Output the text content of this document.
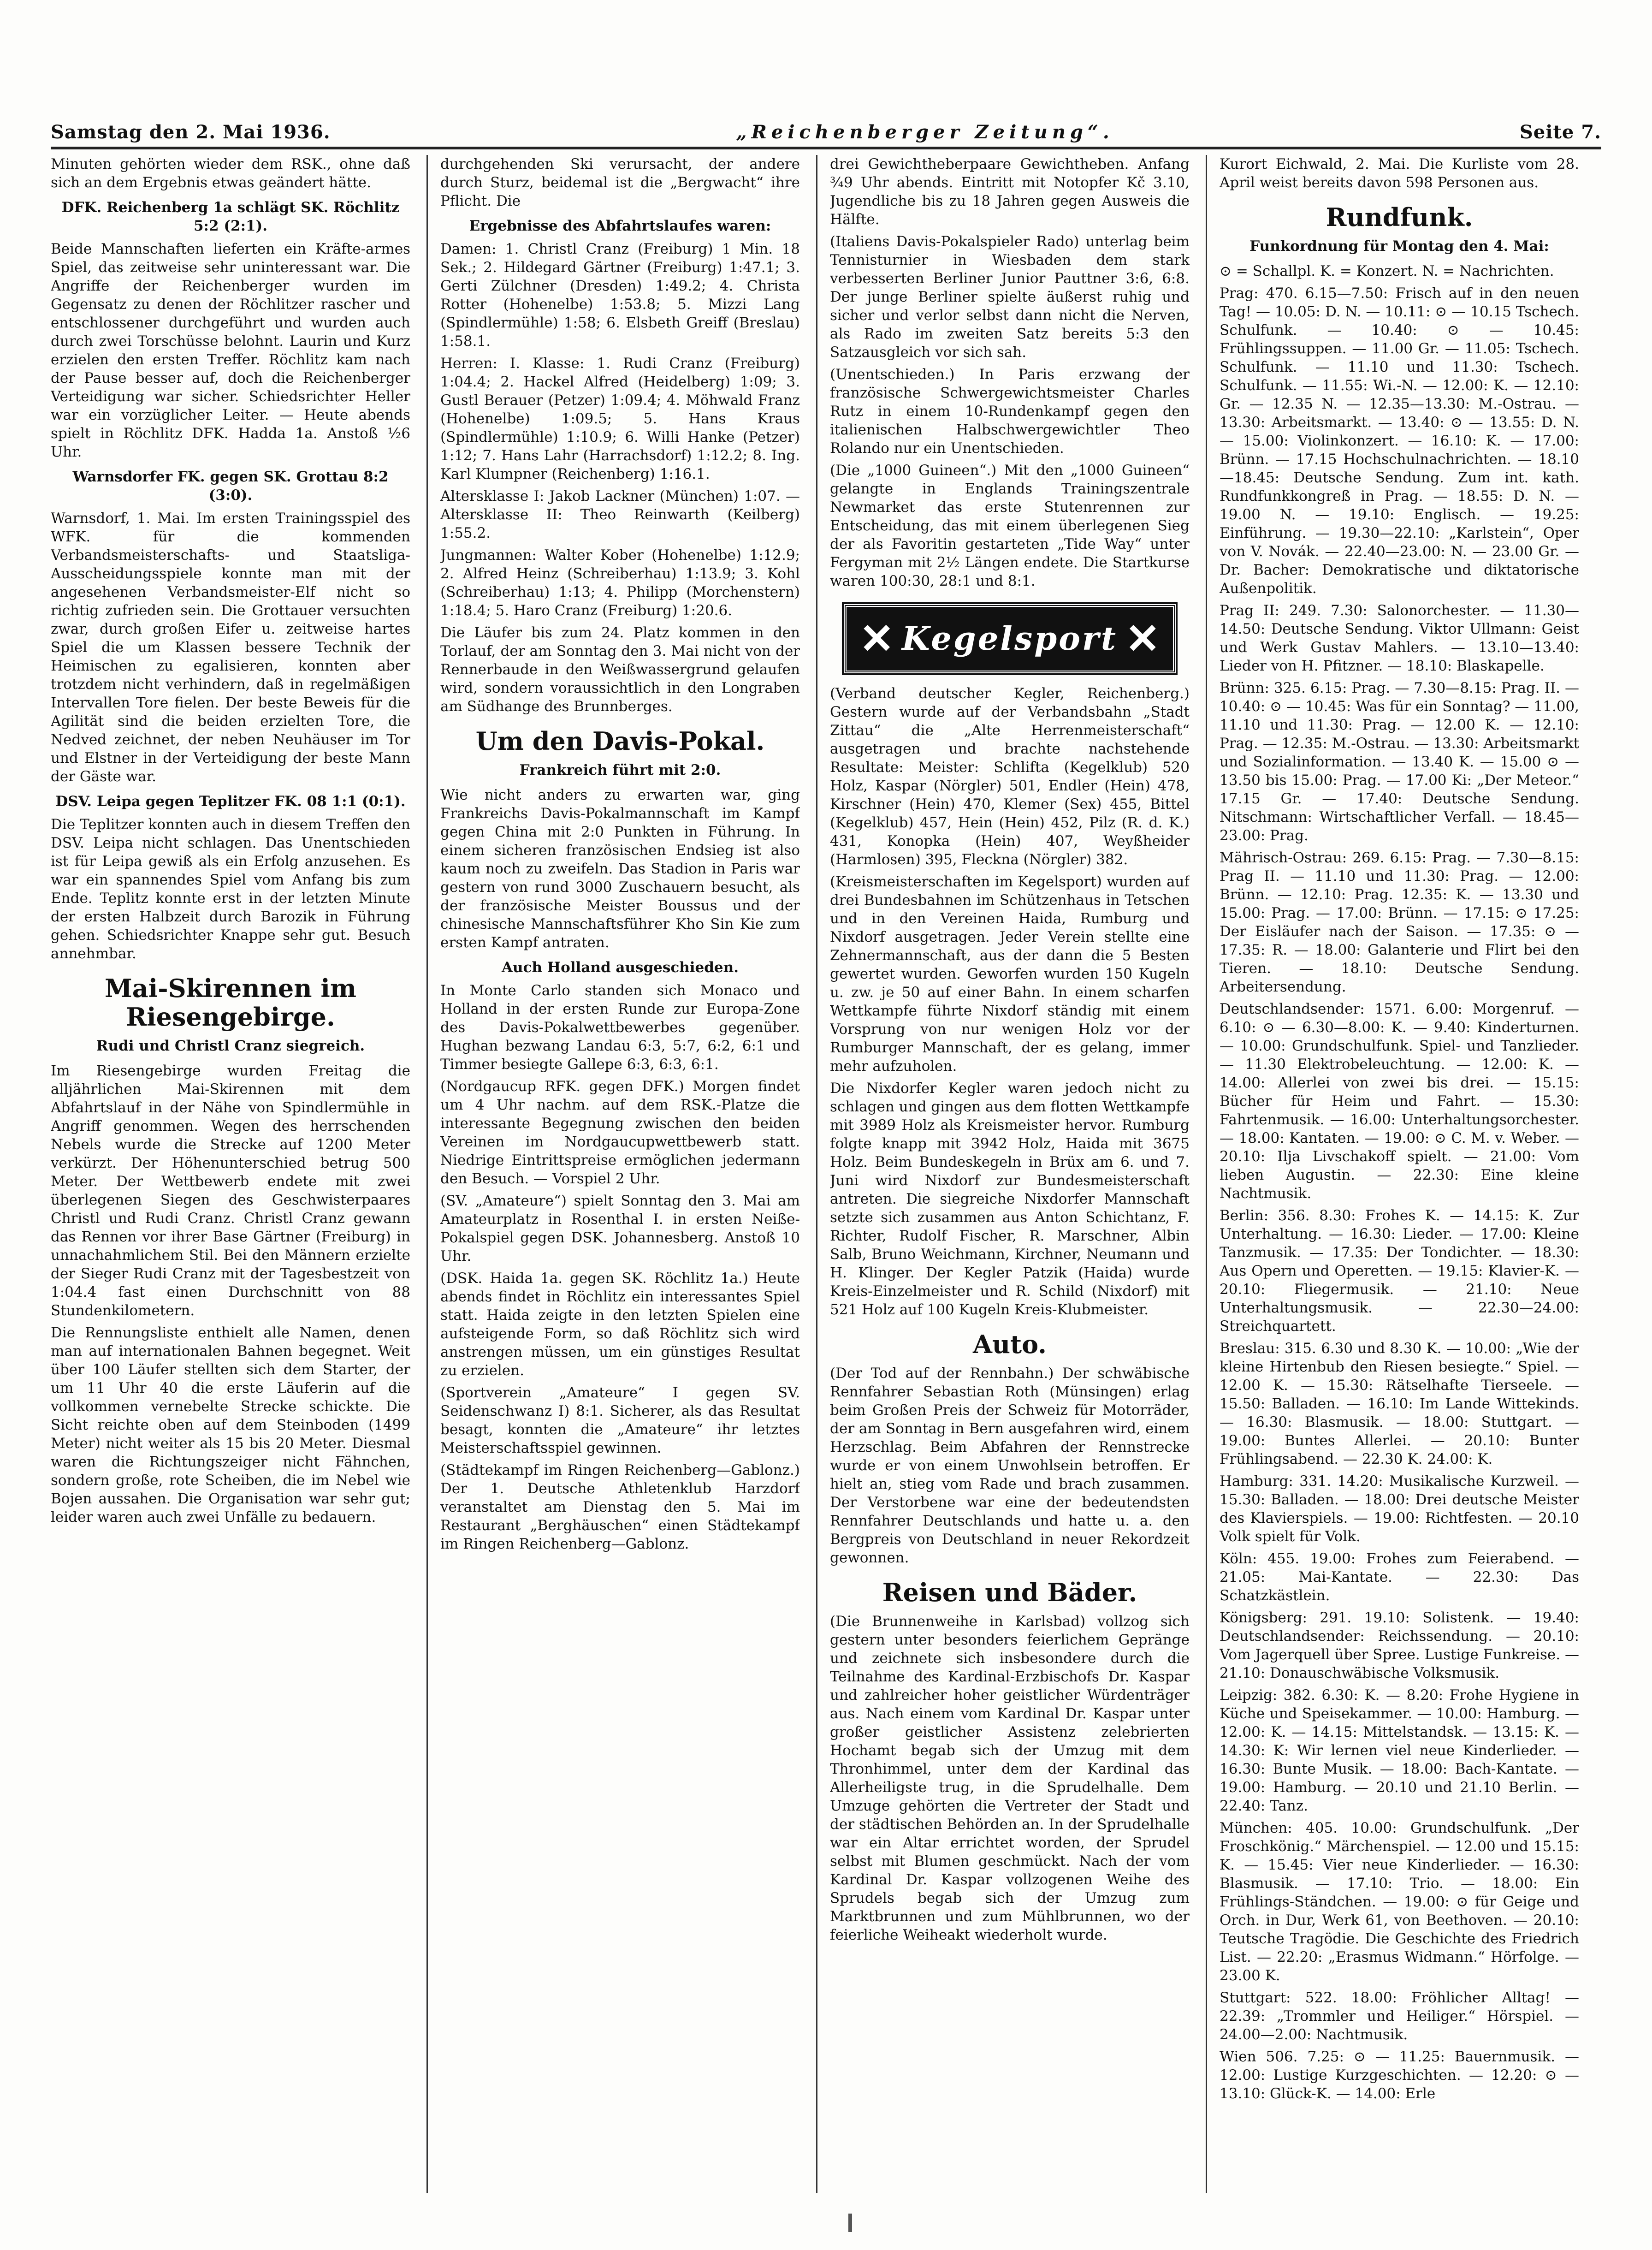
Samstag den 2. Mai 1936.	„Reichenberger Zeitung“.	Seite 7.

Minuten gehörten wieder dem RSK., ohne daß sich an dem Ergebnis etwas geändert hätte.

DFK. Reichenberg 1a schlägt SK. Röchlitz 5:2 (2:1).

Beide Mannschaften lieferten ein Kräfte-armes Spiel, das zeitweise sehr uninteressant war. Die Angriffe der Reichenberger wurden im Gegensatz zu denen der Röchlitzer rascher und entschlossener durchgeführt und wurden auch durch zwei Torschüsse belohnt. Laurin und Kurz erzielen den ersten Treffer. Röchlitz kam nach der Pause besser auf, doch die Reichenberger Verteidigung war sicher. Schiedsrichter Heller war ein vorzüglicher Leiter. — Heute abends spielt in Röchlitz DFK. Hadda 1a. Anstoß ½6 Uhr.

Warnsdorfer FK. gegen SK. Grottau 8:2 (3:0).

Warnsdorf, 1. Mai. Im ersten Trainingsspiel des WFK. für die kommenden Verbandsmeisterschafts- und Staatsliga-Ausscheidungsspiele konnte man mit der angesehenen Verbandsmeister-Elf nicht so richtig zufrieden sein. Die Grottauer versuchten zwar, durch großen Eifer u. zeitweise hartes Spiel die um Klassen bessere Technik der Heimischen zu egalisieren, konnten aber trotzdem nicht verhindern, daß in regelmäßigen Intervallen Tore fielen. Der beste Beweis für die Agilität sind die beiden erzielten Tore, die Nedved zeichnet, der neben Neuhäuser im Tor und Elstner in der Verteidigung der beste Mann der Gäste war.

DSV. Leipa gegen Teplitzer FK. 08 1:1 (0:1).

Die Teplitzer konnten auch in diesem Treffen den DSV. Leipa nicht schlagen. Das Unentschieden ist für Leipa gewiß als ein Erfolg anzusehen. Es war ein spannendes Spiel vom Anfang bis zum Ende. Teplitz konnte erst in der letzten Minute der ersten Halbzeit durch Barozik in Führung gehen. Schiedsrichter Knappe sehr gut. Besuch annehmbar.

Mai-Skirennen im Riesengebirge.
Rudi und Christl Cranz siegreich.

Im Riesengebirge wurden Freitag die alljährlichen Mai-Skirennen mit dem Abfahrtslauf in der Nähe von Spindlermühle in Angriff genommen. Wegen des herrschenden Nebels wurde die Strecke auf 1200 Meter verkürzt. Der Höhenunterschied betrug 500 Meter. Der Wettbewerb endete mit zwei überlegenen Siegen des Geschwisterpaares Christl und Rudi Cranz. Christl Cranz gewann das Rennen vor ihrer Base Gärtner (Freiburg) in unnachahmlichem Stil. Bei den Männern erzielte der Sieger Rudi Cranz mit der Tagesbestzeit von 1:04.4 fast einen Durchschnitt von 88 Stundenkilometern.

Die Rennungsliste enthielt alle Namen, denen man auf internationalen Bahnen begegnet. Weit über 100 Läufer stellten sich dem Starter, der um 11 Uhr 40 die erste Läuferin auf die vollkommen vernebelte Strecke schickte. Die Sicht reichte oben auf dem Steinboden (1499 Meter) nicht weiter als 15 bis 20 Meter. Diesmal waren die Richtungszeiger nicht Fähnchen, sondern große, rote Scheiben, die im Nebel wie Bojen aussahen. Die Organisation war sehr gut; leider waren auch zwei Unfälle zu bedauern.

durchgehenden Ski verursacht, der andere durch Sturz, beidemal ist die „Bergwacht“ ihre Pflicht. Die

Ergebnisse des Abfahrtslaufes waren:

Damen: 1. Christl Cranz (Freiburg) 1 Min. 18 Sek.; 2. Hildegard Gärtner (Freiburg) 1:47.1; 3. Gerti Zülchner (Dresden) 1:49.2; 4. Christa Rotter (Hohenelbe) 1:53.8; 5. Mizzi Lang (Spindlermühle) 1:58; 6. Elsbeth Greiff (Breslau) 1:58.1.

Herren: I. Klasse: 1. Rudi Cranz (Freiburg) 1:04.4; 2. Hackel Alfred (Heidelberg) 1:09; 3. Gustl Berauer (Petzer) 1:09.4; 4. Möhwald Franz (Hohenelbe) 1:09.5; 5. Hans Kraus (Spindlermühle) 1:10.9; 6. Willi Hanke (Petzer) 1:12; 7. Hans Lahr (Harrachsdorf) 1:12.2; 8. Ing. Karl Klumpner (Reichenberg) 1:16.1.

Altersklasse I: Jakob Lackner (München) 1:07. — Altersklasse II: Theo Reinwarth (Keilberg) 1:55.2.

Jungmannen: Walter Kober (Hohenelbe) 1:12.9; 2. Alfred Heinz (Schreiberhau) 1:13.9; 3. Kohl (Schreiberhau) 1:13; 4. Philipp (Morchenstern) 1:18.4; 5. Haro Cranz (Freiburg) 1:20.6.

Die Läufer bis zum 24. Platz kommen in den Torlauf, der am Sonntag den 3. Mai nicht von der Rennerbaude in den Weißwassergrund gelaufen wird, sondern voraussichtlich in den Longraben am Südhange des Brunnberges.

Um den Davis-Pokal.
Frankreich führt mit 2:0.

Wie nicht anders zu erwarten war, ging Frankreichs Davis-Pokalmannschaft im Kampf gegen China mit 2:0 Punkten in Führung. In einem sicheren französischen Endsieg ist also kaum noch zu zweifeln. Das Stadion in Paris war gestern von rund 3000 Zuschauern besucht, als der französische Meister Boussus und der chinesische Mannschaftsführer Kho Sin Kie zum ersten Kampf antraten.

Auch Holland ausgeschieden.

In Monte Carlo standen sich Monaco und Holland in der ersten Runde zur Europa-Zone des Davis-Pokalwettbewerbes gegenüber. Hughan bezwang Landau 6:3, 5:7, 6:2, 6:1 und Timmer besiegte Gallepe 6:3, 6:3, 6:1.

(Nordgaucup RFK. gegen DFK.) Morgen findet um 4 Uhr nachm. auf dem RSK.-Platze die interessante Begegnung zwischen den beiden Vereinen im Nordgaucupwettbewerb statt. Niedrige Eintrittspreise ermöglichen jedermann den Besuch. — Vorspiel 2 Uhr.

(SV. „Amateure“) spielt Sonntag den 3. Mai am Amateurplatz in Rosenthal I. in ersten Neiße-Pokalspiel gegen DSK. Johannesberg. Anstoß 10 Uhr.

(DSK. Haida 1a. gegen SK. Röchlitz 1a.) Heute abends findet in Röchlitz ein interessantes Spiel statt. Haida zeigte in den letzten Spielen eine aufsteigende Form, so daß Röchlitz sich wird anstrengen müssen, um ein günstiges Resultat zu erzielen.

(Sportverein „Amateure“ I gegen SV. Seidenschwanz I) 8:1. Sicherer, als das Resultat besagt, konnten die „Amateure“ ihr letztes Meisterschaftsspiel gewinnen.

(Städtekampf im Ringen Reichenberg—Gablonz.) Der 1. Deutsche Athletenklub Harzdorf veranstaltet am Dienstag den 5. Mai im Restaurant „Berghäuschen“ einen Städtekampf im Ringen Reichenberg—Gablonz.

drei Gewichtheberpaare Gewichtheben. Anfang ¾9 Uhr abends. Eintritt mit Notopfer Kč 3.10, Jugendliche bis zu 18 Jahren gegen Ausweis die Hälfte.

(Italiens Davis-Pokalspieler Rado) unterlag beim Tennisturnier in Wiesbaden dem stark verbesserten Berliner Junior Pauttner 3:6, 6:8. Der junge Berliner spielte äußerst ruhig und sicher und verlor selbst dann nicht die Nerven, als Rado im zweiten Satz bereits 5:3 den Satzausgleich vor sich sah.

(Unentschieden.) In Paris erzwang der französische Schwergewichtsmeister Charles Rutz in einem 10-Rundenkampf gegen den italienischen Halbschwergewichtler Theo Rolando nur ein Unentschieden.

(Die „1000 Guineen“.) Mit den „1000 Guineen“ gelangte in Englands Trainingszentrale Newmarket das erste Stutenrennen zur Entscheidung, das mit einem überlegenen Sieg der als Favoritin gestarteten „Tide Way“ unter Fergyman mit 2½ Längen endete. Die Startkurse waren 100:30, 28:1 und 8:1.

✕ Kegelsport ✕

(Verband deutscher Kegler, Reichenberg.) Gestern wurde auf der Verbandsbahn „Stadt Zittau“ die „Alte Herrenmeisterschaft“ ausgetragen und brachte nachstehende Resultate: Meister: Schlifta (Kegelklub) 520 Holz, Kaspar (Nörgler) 501, Endler (Hein) 478, Kirschner (Hein) 470, Klemer (Sex) 455, Bittel (Kegelklub) 457, Hein (Hein) 452, Pilz (R. d. K.) 431, Konopka (Hein) 407, Weyßheider (Harmlosen) 395, Fleckna (Nörgler) 382.

(Kreismeisterschaften im Kegelsport) wurden auf drei Bundesbahnen im Schützenhaus in Tetschen und in den Vereinen Haida, Rumburg und Nixdorf ausgetragen. Jeder Verein stellte eine Zehnermannschaft, aus der dann die 5 Besten gewertet wurden. Geworfen wurden 150 Kugeln u. zw. je 50 auf einer Bahn. In einem scharfen Wettkampfe führte Nixdorf ständig mit einem Vorsprung von nur wenigen Holz vor der Rumburger Mannschaft, der es gelang, immer mehr aufzuholen.

Die Nixdorfer Kegler waren jedoch nicht zu schlagen und gingen aus dem flotten Wettkampfe mit 3989 Holz als Kreismeister hervor. Rumburg folgte knapp mit 3942 Holz, Haida mit 3675 Holz. Beim Bundeskegeln in Brüx am 6. und 7. Juni wird Nixdorf zur Bundesmeisterschaft antreten. Die siegreiche Nixdorfer Mannschaft setzte sich zusammen aus Anton Schichtanz, F. Richter, Rudolf Fischer, R. Marschner, Albin Salb, Bruno Weichmann, Kirchner, Neumann und H. Klinger. Der Kegler Patzik (Haida) wurde Kreis-Einzelmeister und R. Schild (Nixdorf) mit 521 Holz auf 100 Kugeln Kreis-Klubmeister.

Auto.

(Der Tod auf der Rennbahn.) Der schwäbische Rennfahrer Sebastian Roth (Münsingen) erlag beim Großen Preis der Schweiz für Motorräder, der am Sonntag in Bern ausgefahren wird, einem Herzschlag. Beim Abfahren der Rennstrecke wurde er von einem Unwohlsein betroffen. Er hielt an, stieg vom Rade und brach zusammen. Der Verstorbene war eine der bedeutendsten Rennfahrer Deutschlands und hatte u. a. den Bergpreis von Deutschland in neuer Rekordzeit gewonnen.

Reisen und Bäder.

(Die Brunnenweihe in Karlsbad) vollzog sich gestern unter besonders feierlichem Gepränge und zeichnete sich insbesondere durch die Teilnahme des Kardinal-Erzbischofs Dr. Kaspar und zahlreicher hoher geistlicher Würdenträger aus. Nach einem vom Kardinal Dr. Kaspar unter großer geistlicher Assistenz zelebrierten Hochamt begab sich der Umzug mit dem Thronhimmel, unter dem der Kardinal das Allerheiligste trug, in die Sprudelhalle. Dem Umzuge gehörten die Vertreter der Stadt und der städtischen Behörden an. In der Sprudelhalle war ein Altar errichtet worden, der Sprudel selbst mit Blumen geschmückt. Nach der vom Kardinal Dr. Kaspar vollzogenen Weihe des Sprudels begab sich der Umzug zum Marktbrunnen und zum Mühlbrunnen, wo der feierliche Weiheakt wiederholt wurde.

Kurort Eichwald, 2. Mai. Die Kurliste vom 28. April weist bereits davon 598 Personen aus.

Rundfunk.
Funkordnung für Montag den 4. Mai:

⊙ = Schallpl. K. = Konzert. N. = Nachrichten.

Prag: 470. 6.15—7.50: Frisch auf in den neuen Tag! — 10.05: D. N. — 10.11: ⊙ — 10.15 Tschech. Schulfunk. — 10.40: ⊙ — 10.45: Frühlingssuppen. — 11.00 Gr. — 11.05: Tschech. Schulfunk. — 11.10 und 11.30: Tschech. Schulfunk. — 11.55: Wi.-N. — 12.00: K. — 12.10: Gr. — 12.35 N. — 12.35—13.30: M.-Ostrau. — 13.30: Arbeitsmarkt. — 13.40: ⊙ — 13.55: D. N. — 15.00: Violinkonzert. — 16.10: K. — 17.00: Brünn. — 17.15 Hochschulnachrichten. — 18.10—18.45: Deutsche Sendung. Zum int. kath. Rundfunkkongreß in Prag. — 18.55: D. N. — 19.00 N. — 19.10: Englisch. — 19.25: Einführung. — 19.30—22.10: „Karlstein“, Oper von V. Novák. — 22.40—23.00: N. — 23.00 Gr. — Dr. Bacher: Demokratische und diktatorische Außenpolitik.

Prag II: 249. 7.30: Salonorchester. — 11.30—14.50: Deutsche Sendung. Viktor Ullmann: Geist und Werk Gustav Mahlers. — 13.10—13.40: Lieder von H. Pfitzner. — 18.10: Blaskapelle.

Brünn: 325. 6.15: Prag. — 7.30—8.15: Prag. II. — 10.40: ⊙ — 10.45: Was für ein Sonntag? — 11.00, 11.10 und 11.30: Prag. — 12.00 K. — 12.10: Prag. — 12.35: M.-Ostrau. — 13.30: Arbeitsmarkt und Sozialinformation. — 13.40 K. — 15.00 ⊙ — 13.50 bis 15.00: Prag. — 17.00 Ki: „Der Meteor.“ 17.15 Gr. — 17.40: Deutsche Sendung. Nitschmann: Wirtschaftlicher Verfall. — 18.45—23.00: Prag.

Mährisch-Ostrau: 269. 6.15: Prag. — 7.30—8.15: Prag II. — 11.10 und 11.30: Prag. — 12.00: Brünn. — 12.10: Prag. 12.35: K. — 13.30 und 15.00: Prag. — 17.00: Brünn. — 17.15: ⊙ 17.25: Der Eisläufer nach der Saison. — 17.35: ⊙ — 17.35: R. — 18.00: Galanterie und Flirt bei den Tieren. — 18.10: Deutsche Sendung. Arbeitersendung.

Deutschlandsender: 1571. 6.00: Morgenruf. — 6.10: ⊙ — 6.30—8.00: K. — 9.40: Kinderturnen. — 10.00: Grundschulfunk. Spiel- und Tanzlieder. — 11.30 Elektrobeleuchtung. — 12.00: K. — 14.00: Allerlei von zwei bis drei. — 15.15: Bücher für Heim und Fahrt. — 15.30: Fahrtenmusik. — 16.00: Unterhaltungsorchester. — 18.00: Kantaten. — 19.00: ⊙ C. M. v. Weber. — 20.10: Ilja Livschakoff spielt. — 21.00: Vom lieben Augustin. — 22.30: Eine kleine Nachtmusik.

Berlin: 356. 8.30: Frohes K. — 14.15: K. Zur Unterhaltung. — 16.30: Lieder. — 17.00: Kleine Tanzmusik. — 17.35: Der Tondichter. — 18.30: Aus Opern und Operetten. — 19.15: Klavier-K. — 20.10: Fliegermusik. — 21.10: Neue Unterhaltungsmusik. — 22.30—24.00: Streichquartett.

Breslau: 315. 6.30 und 8.30 K. — 10.00: „Wie der kleine Hirtenbub den Riesen besiegte.“ Spiel. — 12.00 K. — 15.30: Rätselhafte Tierseele. — 15.50: Balladen. — 16.10: Im Lande Wittekinds. — 16.30: Blasmusik. — 18.00: Stuttgart. — 19.00: Buntes Allerlei. — 20.10: Bunter Frühlingsabend. — 22.30 K. 24.00: K.

Hamburg: 331. 14.20: Musikalische Kurzweil. — 15.30: Balladen. — 18.00: Drei deutsche Meister des Klavierspiels. — 19.00: Richtfesten. — 20.10 Volk spielt für Volk.

Köln: 455. 19.00: Frohes zum Feierabend. — 21.05: Mai-Kantate. — 22.30: Das Schatzkästlein.

Königsberg: 291. 19.10: Solistenk. — 19.40: Deutschlandsender: Reichssendung. — 20.10: Vom Jagerquell über Spree. Lustige Funkreise. — 21.10: Donauschwäbische Volksmusik.

Leipzig: 382. 6.30: K. — 8.20: Frohe Hygiene in Küche und Speisekammer. — 10.00: Hamburg. — 12.00: K. — 14.15: Mittelstandsk. — 13.15: K. — 14.30: K: Wir lernen viel neue Kinderlieder. — 16.30: Bunte Musik. — 18.00: Bach-Kantate. — 19.00: Hamburg. — 20.10 und 21.10 Berlin. — 22.40: Tanz.

München: 405. 10.00: Grundschulfunk. „Der Froschkönig.“ Märchenspiel. — 12.00 und 15.15: K. — 15.45: Vier neue Kinderlieder. — 16.30: Blasmusik. — 17.10: Trio. — 18.00: Ein Frühlings-Ständchen. — 19.00: ⊙ für Geige und Orch. in Dur, Werk 61, von Beethoven. — 20.10: Teutsche Tragödie. Die Geschichte des Friedrich List. — 22.20: „Erasmus Widmann.“ Hörfolge. — 23.00 K.

Stuttgart: 522. 18.00: Fröhlicher Alltag! — 22.39: „Trommler und Heiliger.“ Hörspiel. — 24.00—2.00: Nachtmusik.

Wien 506. 7.25: ⊙ — 11.25: Bauernmusik. — 12.00: Lustige Kurzgeschichten. — 12.20: ⊙ — 13.10: Glück-K. — 14.00: Erle
